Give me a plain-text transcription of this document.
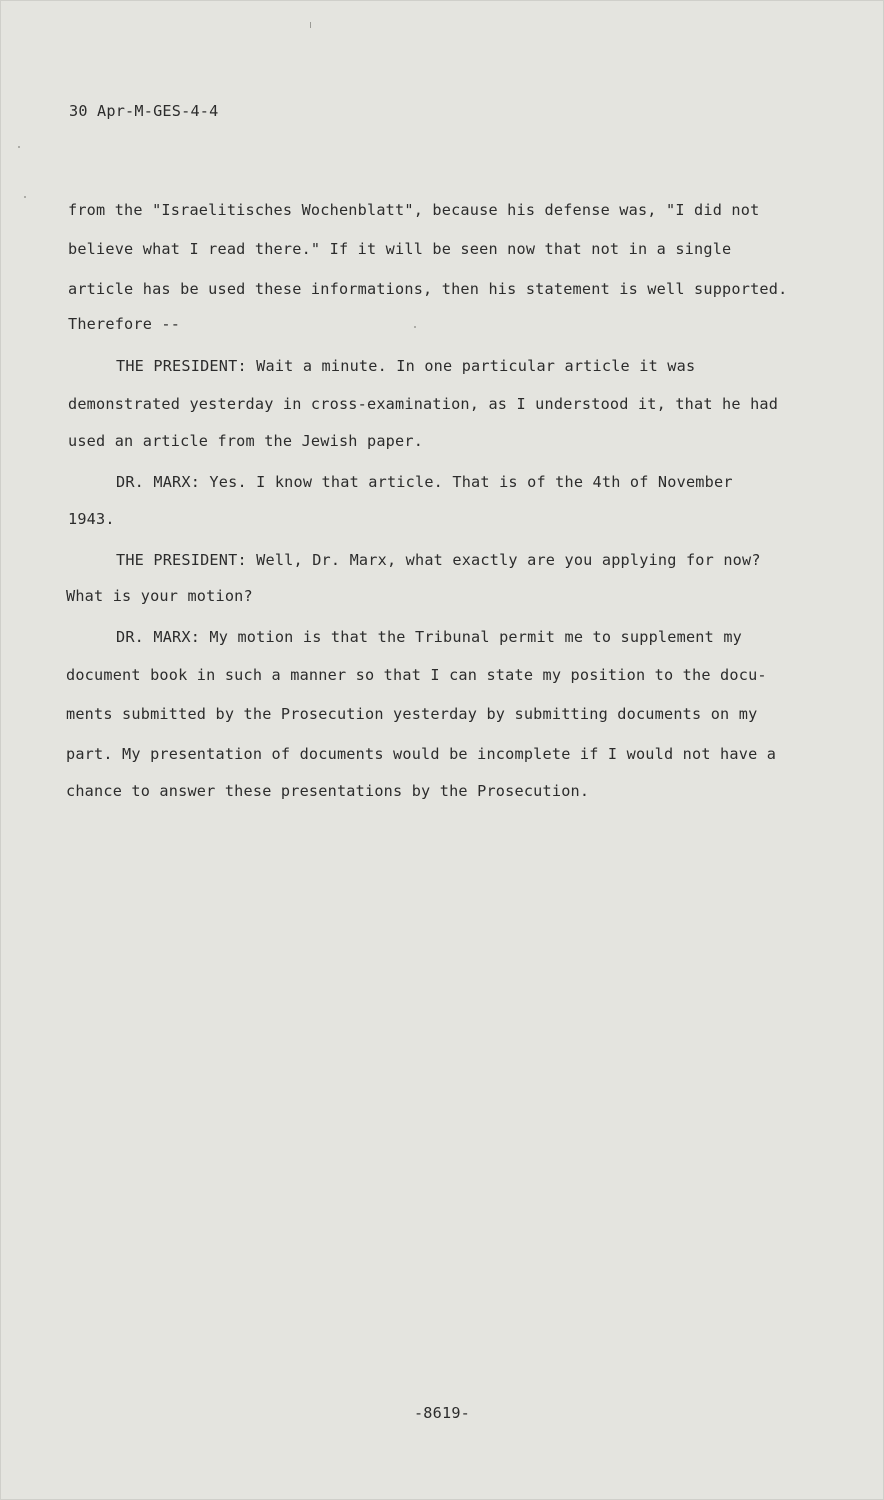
30 Apr-M-GES-4-4
from the "Israelitisches Wochenblatt", because his defense was, "I did not
believe what I read there." If it will be seen now that not in a single
article has be used these informations, then his statement is well supported.
Therefore --
THE PRESIDENT: Wait a minute. In one particular article it was
demonstrated yesterday in cross-examination, as I understood it, that he had
used an article from the Jewish paper.
DR. MARX: Yes. I know that article. That is of the 4th of November
1943.
THE PRESIDENT: Well, Dr. Marx, what exactly are you applying for now?
What is your motion?
DR. MARX: My motion is that the Tribunal permit me to supplement my
document book in such a manner so that I can state my position to the docu-
ments submitted by the Prosecution yesterday by submitting documents on my
part. My presentation of documents would be incomplete if I would not have a
chance to answer these presentations by the Prosecution.
-8619-
